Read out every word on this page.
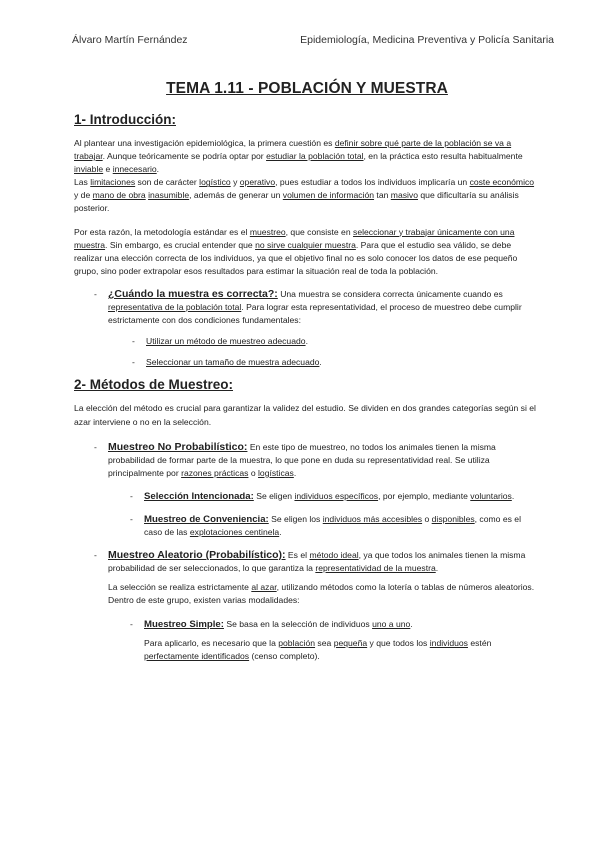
Álvaro Martín Fernández	Epidemiología, Medicina Preventiva y Policía Sanitaria
TEMA 1.11 - POBLACIÓN Y MUESTRA
1- Introducción:

Al plantear una investigación epidemiológica, la primera cuestión es definir sobre qué parte de la población se va a trabajar. Aunque teóricamente se podría optar por estudiar la población total, en la práctica esto resulta habitualmente inviable e innecesario.
Las limitaciones son de carácter logístico y operativo, pues estudiar a todos los individuos implicaría un coste económico y de mano de obra inasumible, además de generar un volumen de información tan masivo que dificultaría su análisis posterior.

Por esta razón, la metodología estándar es el muestreo, que consiste en seleccionar y trabajar únicamente con una muestra. Sin embargo, es crucial entender que no sirve cualquier muestra. Para que el estudio sea válido, se debe realizar una elección correcta de los individuos, ya que el objetivo final no es solo conocer los datos de ese pequeño grupo, sino poder extrapolar esos resultados para estimar la situación real de toda la población.

- ¿Cuándo la muestra es correcta?: Una muestra se considera correcta únicamente cuando es representativa de la población total. Para lograr esta representatividad, el proceso de muestreo debe cumplir estrictamente con dos condiciones fundamentales:
- Utilizar un método de muestreo adecuado.
- Seleccionar un tamaño de muestra adecuado.
2- Métodos de Muestreo:

La elección del método es crucial para garantizar la validez del estudio. Se dividen en dos grandes categorías según si el azar interviene o no en la selección.

- Muestreo No Probabilístico: En este tipo de muestreo, no todos los animales tienen la misma probabilidad de formar parte de la muestra, lo que pone en duda su representatividad real. Se utiliza principalmente por razones prácticas o logísticas.
- Selección Intencionada: Se eligen individuos específicos, por ejemplo, mediante voluntarios.
- Muestreo de Conveniencia: Se eligen los individuos más accesibles o disponibles, como es el caso de las explotaciones centinela.
- Muestreo Aleatorio (Probabilístico): Es el método ideal, ya que todos los animales tienen la misma probabilidad de ser seleccionados, lo que garantiza la representatividad de la muestra.

La selección se realiza estrictamente al azar, utilizando métodos como la lotería o tablas de números aleatorios. Dentro de este grupo, existen varias modalidades:

- Muestreo Simple: Se basa en la selección de individuos uno a uno.

Para aplicarlo, es necesario que la población sea pequeña y que todos los individuos estén perfectamente identificados (censo completo).
